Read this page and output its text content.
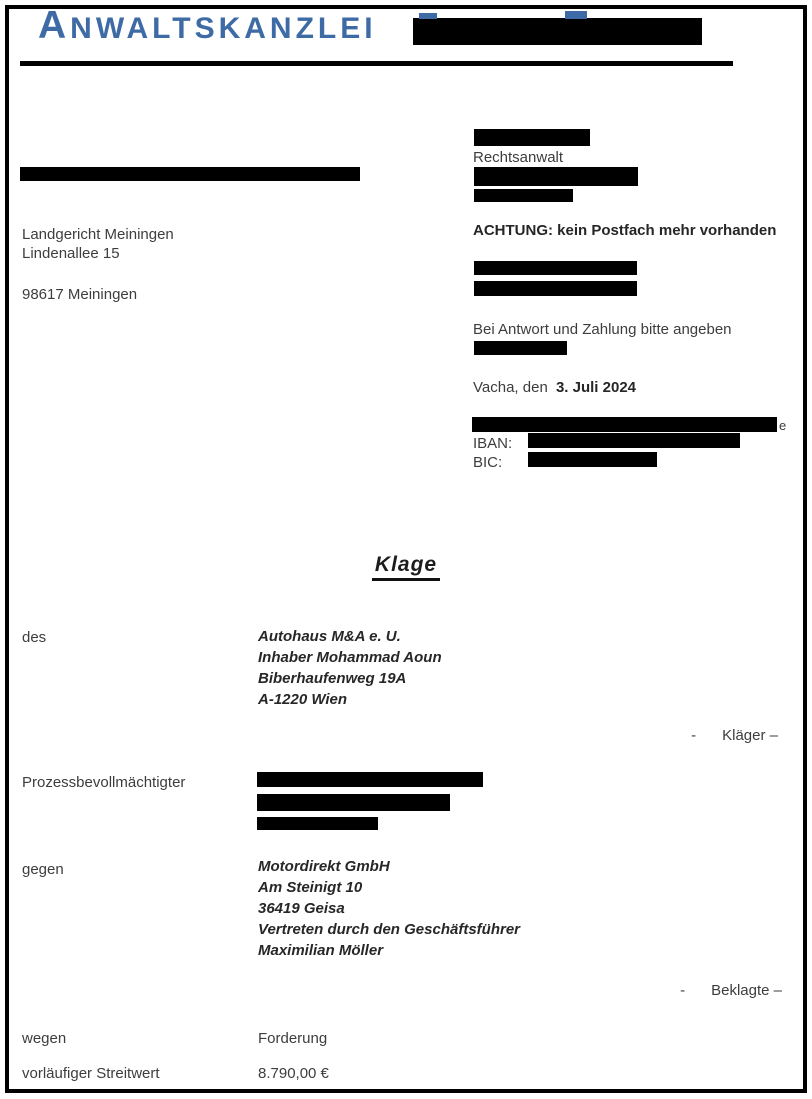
ANWALTSKANZLEI
Landgericht Meiningen
Lindenallee 15
98617 Meiningen
Rechtsanwalt
ACHTUNG: kein Postfach mehr vorhanden
Bei Antwort und Zahlung bitte angeben
Vacha, den 3. Juli 2024
e
IBAN:
BIC:
Klage
des	Autohaus M&A e. U.
Inhaber Mohammad Aoun
Biberhaufenweg 19A
A-1220 Wien
- Kläger –
Prozessbevollmächtigter
gegen	Motordirekt GmbH
Am Steinigt 10
36419 Geisa
Vertreten durch den Geschäftsführer
Maximilian Möller
- Beklagte –
wegen	Forderung
vorläufiger Streitwert	8.790,00 €
